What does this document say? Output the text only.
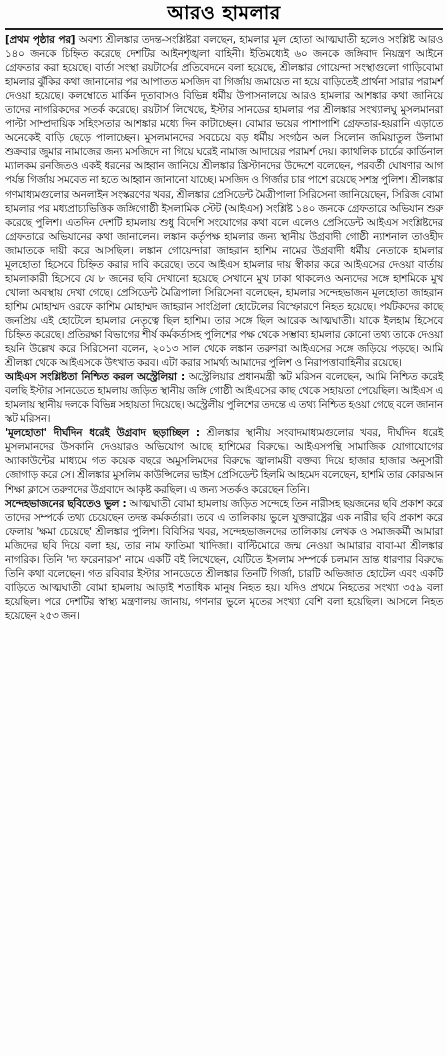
আরও হামলার

[প্রথম পৃষ্ঠার পর] অবশ্য শ্রীলঙ্কার তদন্ত-সংশ্লিষ্টরা বলছেন, হামলার মূল হোতা আত্মঘাতী হলেও সংশ্লিষ্ট আরও ১৪০ জনকে চিহ্নিত করেছে দেশটির আইনশৃঙ্খলা বাহিনী। ইতিমধ্যেই ৬০ জনকে জঙ্গিবাদ নিয়ন্ত্রণ আইনে গ্রেফতার করা হয়েছে। বার্তা সংস্থা রয়টার্সের প্রতিবেদনে বলা হয়েছে, শ্রীলঙ্কার গোয়েন্দা সংস্থাগুলো গাড়িবোমা হামলার ঝুঁকির কথা জানানোর পর আপাতত মসজিদ বা গির্জায় জমায়েত না হয়ে বাড়িতেই প্রার্থনা সারার পরামর্শ দেওয়া হয়েছে। কলম্বোতে মার্কিন দূতাবাসও বিভিন্ন ধর্মীয় উপাসনালয়ে আরও হামলার আশঙ্কার কথা জানিয়ে তাদের নাগরিকদের সতর্ক করেছে। রয়টার্স লিখেছে, ইস্টার সানডের হামলার পর শ্রীলঙ্কার সংখ্যালঘু মুসলমানরা পাল্টা সাম্প্রদায়িক সহিংসতার আশঙ্কার মধ্যে দিন কাটাচ্ছেন। বোমার ভয়ের পাশাপাশি গ্রেফতার-হয়রানি এড়াতে অনেকেই বাড়ি ছেড়ে পালাচ্ছেন। মুসলমানদের সবচেয়ে বড় ধর্মীয় সংগঠন অল সিলোন জমিয়াতুল উলামা শুক্রবার জুমার নামাজের জন্য মসজিদে না গিয়ে ঘরেই নামাজ আদায়ের পরামর্শ দেয়। ক্যাথলিক চার্চের কার্ডিনাল ম্যালকম রনজিতও একই ধরনের আহ্বান জানিয়ে শ্রীলঙ্কার খ্রিস্টানদের উদ্দেশে বলেছেন, পরবর্তী ঘোষণার আগ পর্যন্ত গির্জায় সমবেত না হতে আহ্বান জানানো যাচ্ছে। মসজিদ ও গির্জার চার পাশে রয়েছে সশস্ত্র পুলিশ। শ্রীলঙ্কার গণমাধ্যমগুলোর অনলাইন সংস্করণের খবর, শ্রীলঙ্কার প্রেসিডেন্ট মৈত্রীপালা সিরিসেনা জানিয়েছেন, সিরিজ বোমা হামলার পর মধ্যপ্রাচ্যভিত্তিক জঙ্গিগোষ্ঠী ইসলামিক স্টেট (আইএস) সংশ্লিষ্ট ১৪০ জনকে গ্রেফতারে অভিযান শুরু করেছে পুলিশ। এতদিন দেশটি হামলায় শুধু বিদেশি সংযোগের কথা বলে এলেও প্রেসিডেন্ট আইএস সংশ্লিষ্টদের গ্রেফতারে অভিযানের কথা জানালেন। লঙ্কান কর্তৃপক্ষ হামলার জন্য স্থানীয় উগ্রবাদী গোষ্ঠী ন্যাশনাল তাওহীদ জামাতকে দায়ী করে আসছিল। লঙ্কান গোয়েন্দারা জাহরান হাশিম নামের উগ্রবাদী ধর্মীয় নেতাকে হামলার মূলহোতা হিসেবে চিহ্নিত করার দাবি করেছে। তবে আইএস হামলার দায় স্বীকার করে আইএসের দেওয়া বার্তায় হামলাকারী হিসেবে যে ৮ জনের ছবি দেখানো হয়েছে সেখানে মুখ ঢাকা থাকলেও অন্যদের সঙ্গে হাশমিকে মুখ খোলা অবস্থায় দেখা গেছে। প্রেসিডেন্ট মৈত্রিপালা সিরিসেনা বলেছেন, হামলার সন্দেহভাজন মূলহোতা জাহরান হাশিম মোহাম্মদ ওরফে কাশিম মোহাম্মদ জাহরান সাংগ্রিলা হোটেলের বিস্ফোরণে নিহত হয়েছে। পর্যটকদের কাছে জনপ্রিয় এই হোটেলে হামলার নেতৃত্বে ছিল হাশিম। তার সঙ্গে ছিল আরেক আত্মঘাতী। যাকে ইলহাম হিসেবে চিহ্নিত করেছে। প্রতিরক্ষা বিভাগের শীর্ষ কর্মকর্তাসহ পুলিশের পক্ষ থেকে সম্ভাব্য হামলার কোনো তথ্য তাকে দেওয়া হয়নি উল্লেখ করে সিরিসেনা বলেন, ২০১৩ সাল থেকে লঙ্কান তরুণরা আইএসের সঙ্গে জড়িয়ে পড়ছে। আমি শ্রীলঙ্কা থেকে আইএসকে উৎখাত করব। এটা করার সামর্থ্য আমাদের পুলিশ ও নিরাপত্তাবাহিনীর রয়েছে।

আইএস সংশ্লিষ্টতা নিশ্চিত করল অস্ট্রেলিয়া : অস্ট্রেলিয়ার প্রধানমন্ত্রী স্কট মরিসন বলেছেন, আমি নিশ্চিত করেই বলছি ইস্টার সানডেতে হামলায় জড়িত স্থানীয় জঙ্গি গোষ্ঠী আইএসের কাছ থেকে সহায়তা পেয়েছিল। আইএস এ হামলায় স্থানীয় দলকে বিভিন্ন সহায়তা দিয়েছে। অস্ট্রেলীয় পুলিশের তদন্তে এ তথ্য নিশ্চিত হওয়া গেছে বলে জানান স্কট মরিসন।

'মূলহোতা' দীর্ঘদিন ধরেই উগ্রবাদ ছড়াচ্ছিল : শ্রীলঙ্কার স্থানীয় সংবাদমাধ্যমগুলোর খবর, দীর্ঘদিন ধরেই মুসলমানদের উসকানি দেওয়ারও অভিযোগ আছে হাশিমের বিরুদ্ধে। আইএসপন্থি সামাজিক যোগাযোগের অ্যাকাউন্টের মাধ্যমে গত কয়েক বছরে অমুসলিমদের বিরুদ্ধে জ্বালাময়ী বক্তব্য দিয়ে হাজার হাজার অনুসারী জোগাড় করে সে। শ্রীলঙ্কার মুসলিম কাউন্সিলের ভাইস প্রেসিডেন্ট হিলমি আহমেদ বলেছেন, হাশমি তার কোরআন শিক্ষা ক্লাসে তরুণদের উগ্রবাদে আকৃষ্ট করছিল। এ জন্য সতর্কও করেছেন তিনি।

সন্দেহভাজনের ছবিতেও ভুল : আত্মঘাতী বোমা হামলায় জড়িত সন্দেহে তিন নারীসহ ছয়জনের ছবি প্রকাশ করে তাদের সম্পর্কে তথ্য চেয়েছেন তদন্ত কর্মকর্তারা। তবে এ তালিকায় ভুলে যুক্তরাষ্ট্রের এক নারীর ছবি প্রকাশ করে ফেলায় 'ক্ষমা চেয়েছে' শ্রীলঙ্কার পুলিশ। বিবিসির খবর, সন্দেহভাজনদের তালিকায় লেখক ও সমাজকর্মী আমারা মজিদের ছবি দিয়ে বলা হয়, তার নাম ফাতিমা খাদিজা। বাল্টিমোরে জন্ম নেওয়া আমারার বাবা-মা শ্রীলঙ্কার নাগরিক। তিনি 'দ্য ফরেনারস' নামে একটি বই লিখেছেন, যেটিতে ইসলাম সম্পর্কে চলমান ভ্রান্ত ধারণার বিরুদ্ধে তিনি কথা বলেছেন। গত রবিবার ইস্টার সানডেতে শ্রীলঙ্কার তিনটি গির্জা, চারটি অভিজাত হোটেল এবং একটি বাড়িতে আত্মঘাতী বোমা হামলায় আড়াই শতাধিক মানুষ নিহত হয়। যদিও প্রথমে নিহতের সংখ্যা ৩৫৯ বলা হয়েছিল। পরে দেশটির স্বাস্থ্য মন্ত্রণালয় জানায়, গণনার ভুলে মৃতের সংখ্যা বেশি বলা হয়েছিল। আসলে নিহত হয়েছেন ২৫৩ জন।
